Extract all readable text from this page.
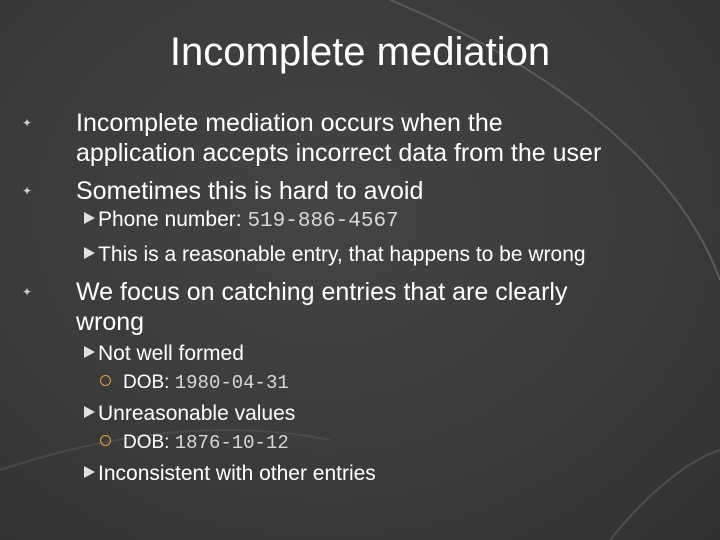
Incomplete mediation
✦ Incomplete mediation occurs when the
application accepts incorrect data from the user
✦ Sometimes this is hard to avoid
Phone number: 519-886-4567
This is a reasonable entry, that happens to be wrong
✦ We focus on catching entries that are clearly
wrong
Not well formed
DOB: 1980-04-31
Unreasonable values
DOB: 1876-10-12
Inconsistent with other entries
